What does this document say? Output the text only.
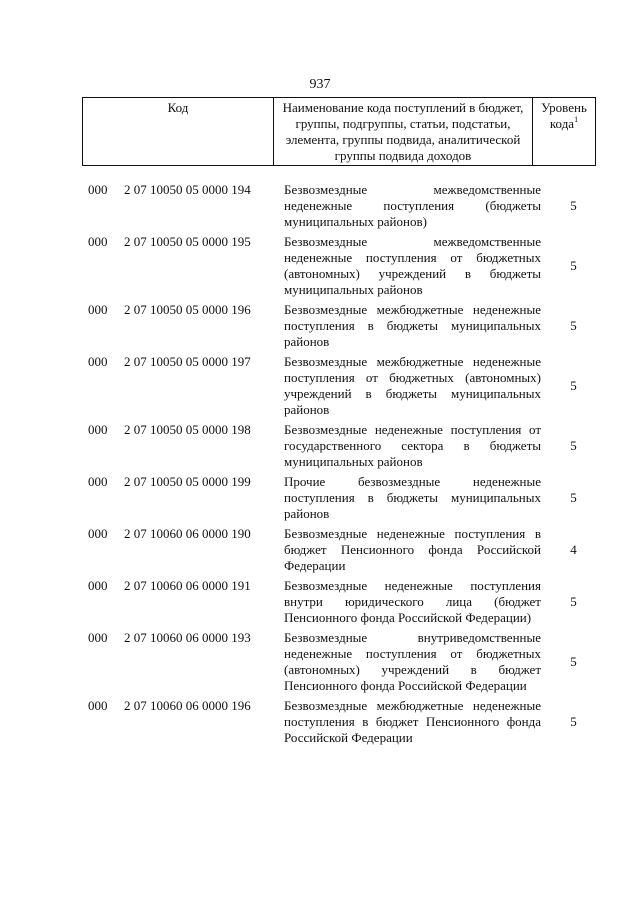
937
Код	Наименование кода поступлений в бюджет, группы, подгруппы, статьи, подстатьи, элемента, группы подвида, аналитической группы подвида доходов	Уровень кода$^1$
000	2 07 10050 05 0000 194	Безвозмездные межведомственные неденежные поступления (бюджеты муниципальных районов)	5
000	2 07 10050 05 0000 195	Безвозмездные межведомственные неденежные поступления от бюджетных (автономных) учреждений в бюджеты муниципальных районов	5
000	2 07 10050 05 0000 196	Безвозмездные межбюджетные неденежные поступления в бюджеты муниципальных районов	5
000	2 07 10050 05 0000 197	Безвозмездные межбюджетные неденежные поступления от бюджетных (автономных) учреждений в бюджеты муниципальных районов	5
000	2 07 10050 05 0000 198	Безвозмездные неденежные поступления от государственного сектора в бюджеты муниципальных районов	5
000	2 07 10050 05 0000 199	Прочие безвозмездные неденежные поступления в бюджеты муниципальных районов	5
000	2 07 10060 06 0000 190	Безвозмездные неденежные поступления в бюджет Пенсионного фонда Российской Федерации	4
000	2 07 10060 06 0000 191	Безвозмездные неденежные поступления внутри юридического лица (бюджет Пенсионного фонда Российской Федерации)	5
000	2 07 10060 06 0000 193	Безвозмездные внутриведомственные неденежные поступления от бюджетных (автономных) учреждений в бюджет Пенсионного фонда Российской Федерации	5
000	2 07 10060 06 0000 196	Безвозмездные межбюджетные неденежные поступления в бюджет Пенсионного фонда Российской Федерации	5
